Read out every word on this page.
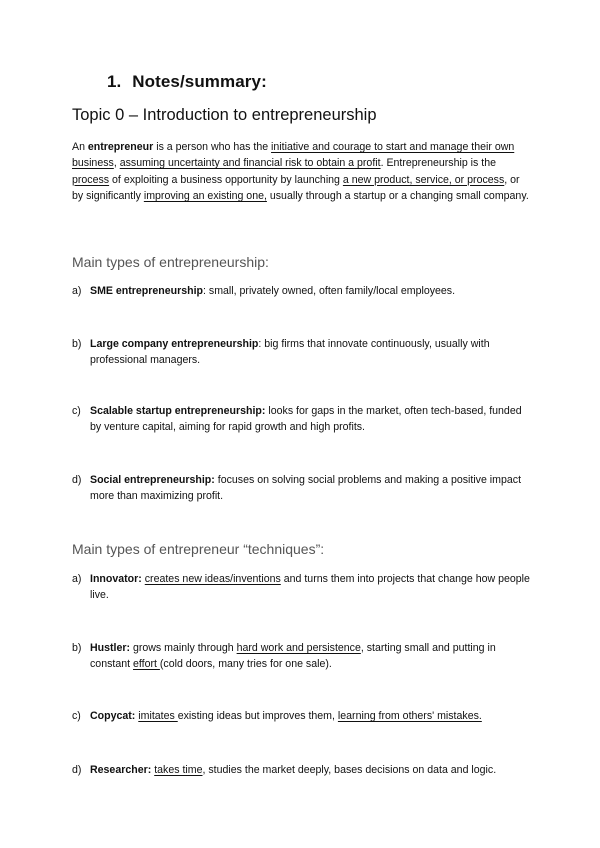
1. Notes/summary:
Topic 0 – Introduction to entrepreneurship
An entrepreneur is a person who has the initiative and courage to start and manage their own business, assuming uncertainty and financial risk to obtain a profit. Entrepreneurship is the process of exploiting a business opportunity by launching a new product, service, or process, or by significantly improving an existing one, usually through a startup or a changing small company.
Main types of entrepreneurship:
a) SME entrepreneurship: small, privately owned, often family/local employees.
b) Large company entrepreneurship: big firms that innovate continuously, usually with professional managers.
c) Scalable startup entrepreneurship: looks for gaps in the market, often tech-based, funded by venture capital, aiming for rapid growth and high profits.
d) Social entrepreneurship: focuses on solving social problems and making a positive impact more than maximizing profit.
Main types of entrepreneur “techniques”:
a) Innovator: creates new ideas/inventions and turns them into projects that change how people live.
b) Hustler: grows mainly through hard work and persistence, starting small and putting in constant effort (cold doors, many tries for one sale).
c) Copycat: imitates existing ideas but improves them, learning from others' mistakes.
d) Researcher: takes time, studies the market deeply, bases decisions on data and logic.
